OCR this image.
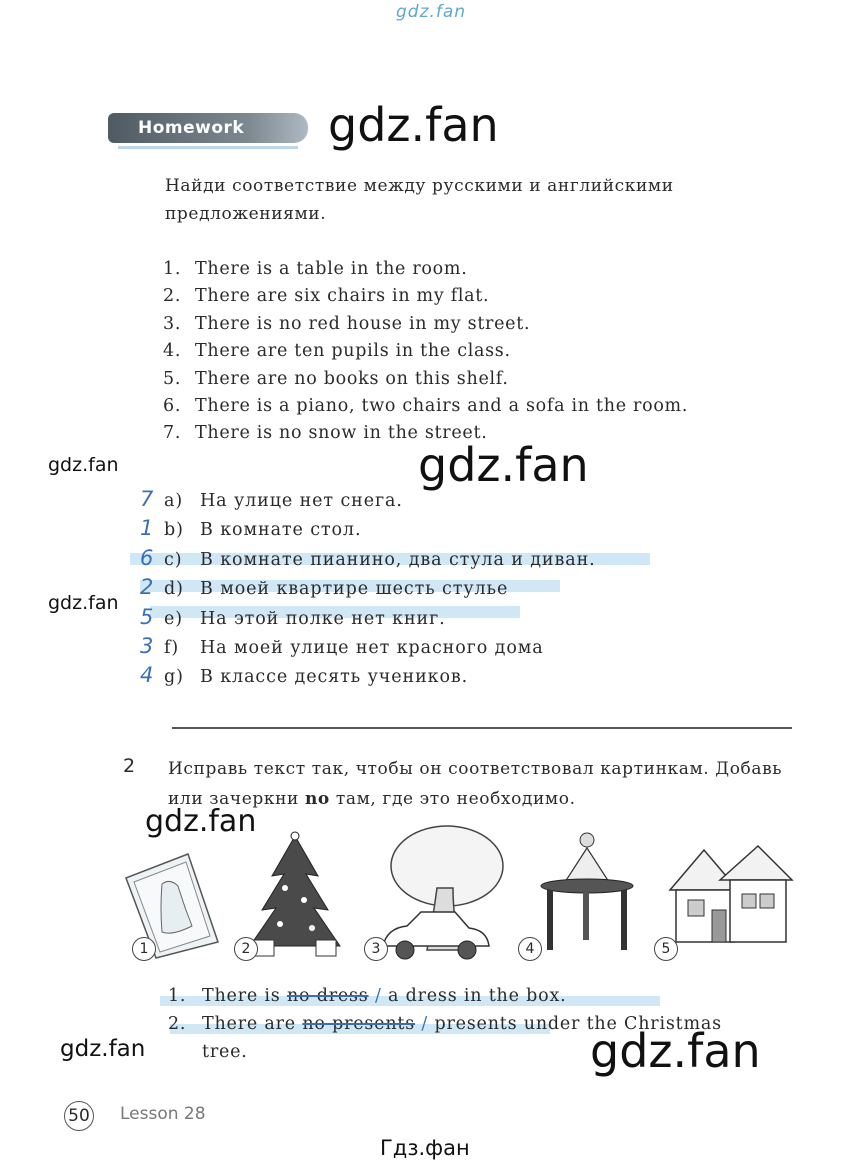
gdz.fan
gdz.fan
gdz.fan
gdz.fan
gdz.fan
gdz.fan
gdz.fan
gdz.fan
Homework
Найди соответствие между русскими и английскими предложениями.
1. There is a table in the room.
2. There are six chairs in my flat.
3. There is no red house in my street.
4. There are ten pupils in the class.
5. There are no books on this shelf.
6. There is a piano, two chairs and a sofa in the room.
7. There is no snow in the street.
7 a) На улице нет снега.
1 b) В комнате стол.
6 c) В комнате пианино, два стула и диван.
2 d) В моей квартире шесть стулье
5 e) На этой полке нет книг.
3 f) На моей улице нет красного дома
4 g) В классе десять учеников.
2 Исправь текст так, чтобы он соответствовал картинкам. Добавь или зачеркни no там, где это необходимо.
1	2	3	4	5
1. There is no dress / a dress in the box.
2. There are no presents / presents under the Christmas
tree.
50 Lesson 28
Гдз.фан
